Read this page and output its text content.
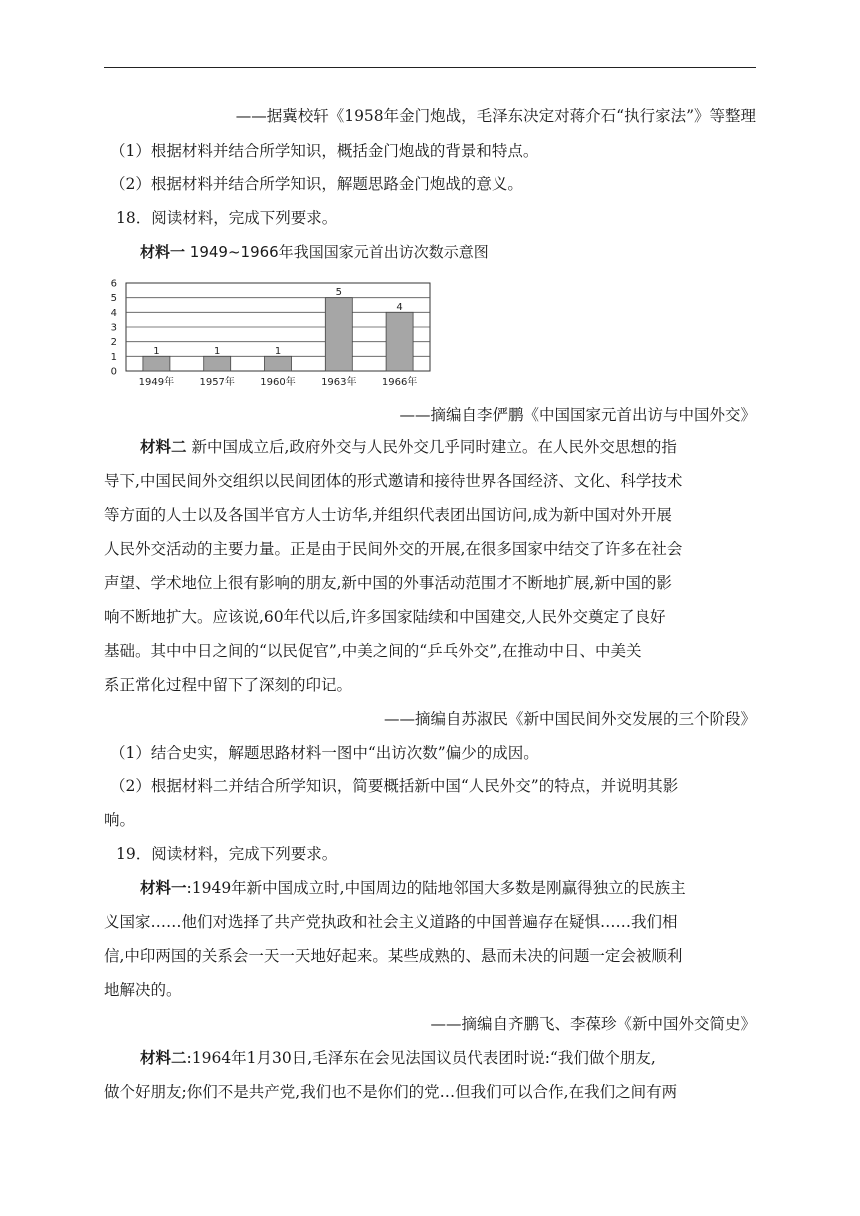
——据冀校轩《1958年金门炮战，毛泽东决定对蒋介石“执行家法”》等整理
（1）根据材料并结合所学知识，概括金门炮战的背景和特点。
（2）根据材料并结合所学知识，解题思路金门炮战的意义。
18．阅读材料，完成下列要求。
材料一 1949~1966年我国国家元首出访次数示意图
0
1
2
3
4
5
6
1
1949年
1
1957年
1
1960年
5
1963年
4
1966年
——摘编自李俨鹏《中国国家元首出访与中国外交》
材料二 新中国成立后,政府外交与人民外交几乎同时建立。在人民外交思想的指
导下,中国民间外交组织以民间团体的形式邀请和接待世界各国经济、文化、科学技术
等方面的人士以及各国半官方人士访华,并组织代表团出国访问,成为新中国对外开展
人民外交活动的主要力量。正是由于民间外交的开展,在很多国家中结交了许多在社会
声望、学术地位上很有影响的朋友,新中国的外事活动范围才不断地扩展,新中国的影
响不断地扩大。应该说,60年代以后,许多国家陆续和中国建交,人民外交奠定了良好
基础。其中中日之间的“以民促官”,中美之间的“乒乓外交”,在推动中日、中美关
系正常化过程中留下了深刻的印记。
——摘编自苏淑民《新中国民间外交发展的三个阶段》
（1）结合史实，解题思路材料一图中“出访次数”偏少的成因。
（2）根据材料二并结合所学知识，简要概括新中国“人民外交”的特点，并说明其影
响。
19．阅读材料，完成下列要求。
材料一:1949年新中国成立时,中国周边的陆地邻国大多数是刚赢得独立的民族主
义国家……他们对选择了共产党执政和社会主义道路的中国普遍存在疑惧……我们相
信,中印两国的关系会一天一天地好起来。某些成熟的、悬而未决的问题一定会被顺利
地解决的。
——摘编自齐鹏飞、李葆珍《新中国外交简史》
材料二:1964年1月30日,毛泽东在会见法国议员代表团时说:“我们做个朋友,
做个好朋友;你们不是共产党,我们也不是你们的党…但我们可以合作,在我们之间有两
